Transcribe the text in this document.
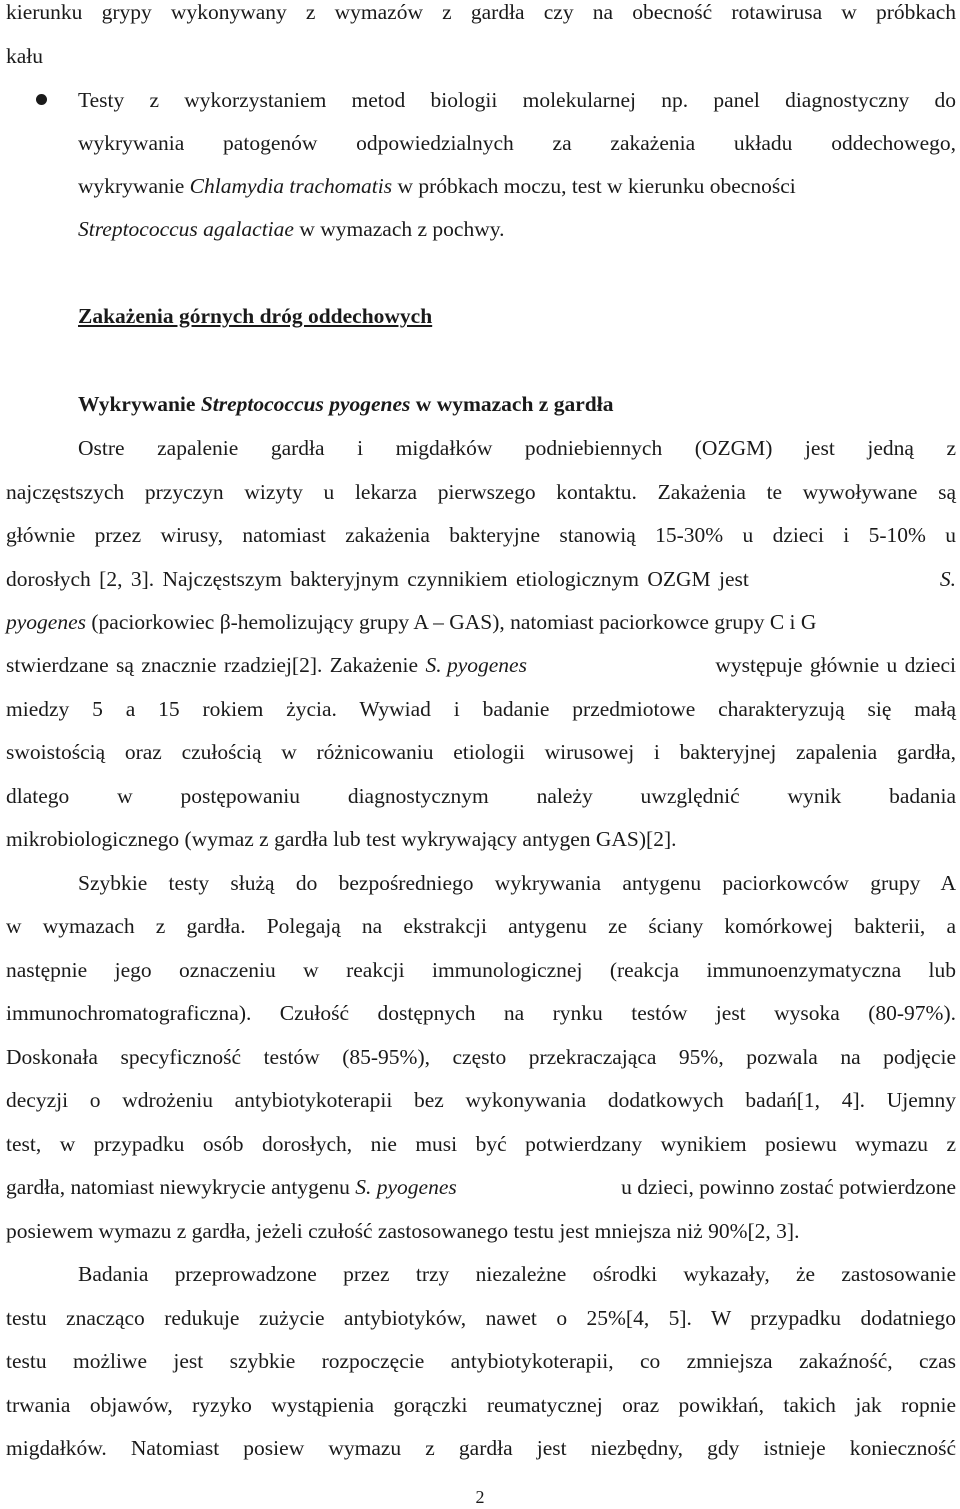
kierunku grypy wykonywany z wymazów z gardła czy na obecność rotawirusa w próbkach
kału
Testy z wykorzystaniem metod biologii molekularnej np. panel diagnostyczny do
wykrywania patogenów odpowiedzialnych za zakażenia układu oddechowego,
wykrywanie Chlamydia trachomatis w próbkach moczu, test w kierunku obecności
Streptococcus agalactiae w wymazach z pochwy.
Zakażenia górnych dróg oddechowych
Wykrywanie Streptococcus pyogenes w wymazach z gardła
Ostre zapalenie gardła i migdałków podniebiennych (OZGM) jest jedną z
najczęstszych przyczyn wizyty u lekarza pierwszego kontaktu. Zakażenia te wywoływane są
głównie przez wirusy, natomiast zakażenia bakteryjne stanowią 15-30% u dzieci i 5-10% u
dorosłych [2, 3]. Najczęstszym bakteryjnym czynnikiem etiologicznym OZGM jest	S.
pyogenes (paciorkowiec β-hemolizujący grupy A – GAS), natomiast paciorkowce grupy C i G
stwierdzane są znacznie rzadziej[2]. Zakażenie S. pyogenes	występuje głównie u dzieci
miedzy 5 a 15 rokiem życia. Wywiad i badanie przedmiotowe charakteryzują się małą
swoistością oraz czułością w różnicowaniu etiologii wirusowej i bakteryjnej zapalenia gardła,
dlatego w postępowaniu diagnostycznym należy uwzględnić wynik badania
mikrobiologicznego (wymaz z gardła lub test wykrywający antygen GAS)[2].
Szybkie testy służą do bezpośredniego wykrywania antygenu paciorkowców grupy A
w wymazach z gardła. Polegają na ekstrakcji antygenu ze ściany komórkowej bakterii, a
następnie jego oznaczeniu w reakcji immunologicznej (reakcja immunoenzymatyczna lub
immunochromatograficzna). Czułość dostępnych na rynku testów jest wysoka (80-97%).
Doskonała specyficzność testów (85-95%), często przekraczająca 95%, pozwala na podjęcie
decyzji o wdrożeniu antybiotykoterapii bez wykonywania dodatkowych badań[1, 4]. Ujemny
test, w przypadku osób dorosłych, nie musi być potwierdzany wynikiem posiewu wymazu z
gardła, natomiast niewykrycie antygenu S. pyogenes	u dzieci, powinno zostać potwierdzone
posiewem wymazu z gardła, jeżeli czułość zastosowanego testu jest mniejsza niż 90%[2, 3].
Badania przeprowadzone przez trzy niezależne ośrodki wykazały, że zastosowanie
testu znacząco redukuje zużycie antybiotyków, nawet o 25%[4, 5]. W przypadku dodatniego
testu możliwe jest szybkie rozpoczęcie antybiotykoterapii, co zmniejsza zakaźność, czas
trwania objawów, ryzyko wystąpienia gorączki reumatycznej oraz powikłań, takich jak ropnie
migdałków. Natomiast posiew wymazu z gardła jest niezbędny, gdy istnieje konieczność
2
